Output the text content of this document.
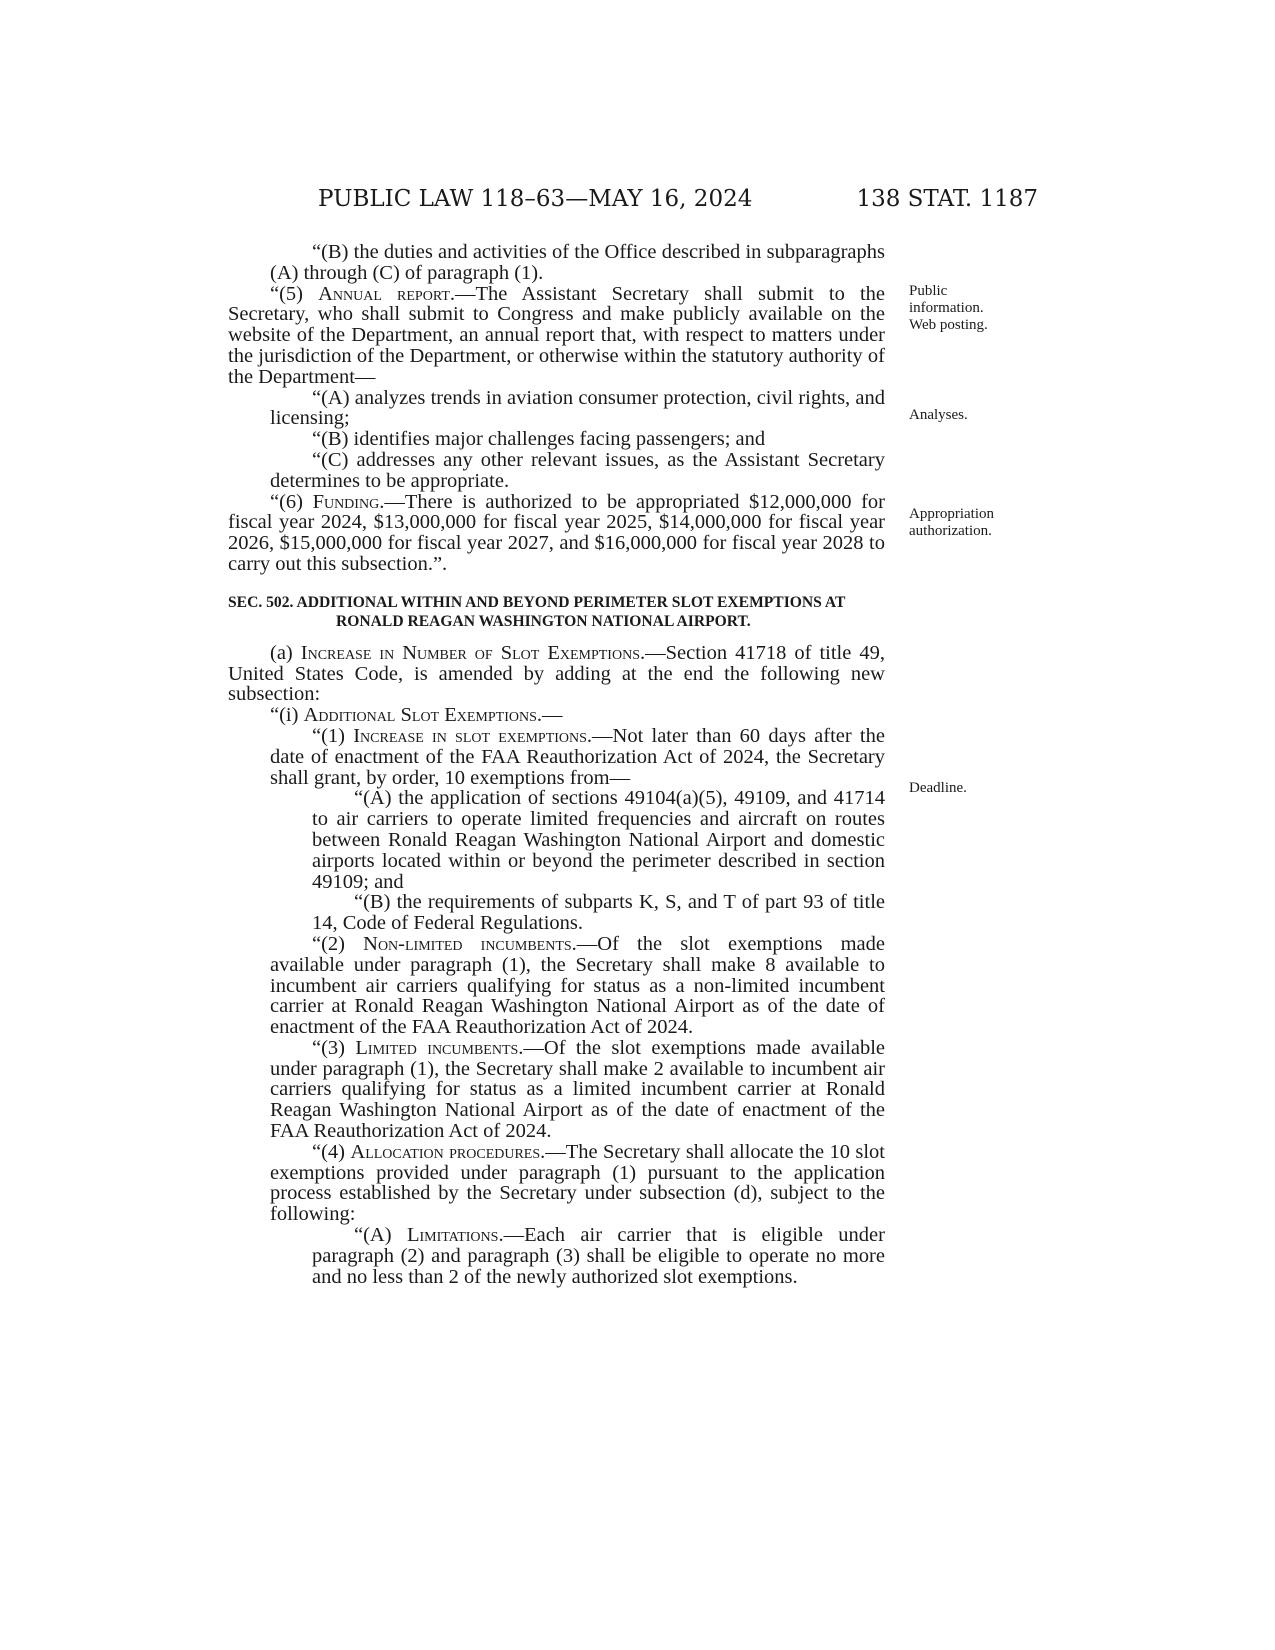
PUBLIC LAW 118–63—MAY 16, 2024	138 STAT. 1187

“(B) the duties and activities of the Office described in subparagraphs (A) through (C) of paragraph (1).

“(5) Annual report.—The Assistant Secretary shall submit to the Secretary, who shall submit to Congress and make publicly available on the website of the Department, an annual report that, with respect to matters under the jurisdiction of the Department, or otherwise within the statutory authority of the Department—

“(A) analyzes trends in aviation consumer protection, civil rights, and licensing;

“(B) identifies major challenges facing passengers; and

“(C) addresses any other relevant issues, as the Assistant Secretary determines to be appropriate.

“(6) Funding.—There is authorized to be appropriated $12,000,000 for fiscal year 2024, $13,000,000 for fiscal year 2025, $14,000,000 for fiscal year 2026, $15,000,000 for fiscal year 2027, and $16,000,000 for fiscal year 2028 to carry out this subsection.”.

SEC. 502. ADDITIONAL WITHIN AND BEYOND PERIMETER SLOT EXEMPTIONS AT RONALD REAGAN WASHINGTON NATIONAL AIRPORT.

(a) Increase in Number of Slot Exemptions.—Section 41718 of title 49, United States Code, is amended by adding at the end the following new subsection:

“(i) Additional Slot Exemptions.—

“(1) Increase in slot exemptions.—Not later than 60 days after the date of enactment of the FAA Reauthorization Act of 2024, the Secretary shall grant, by order, 10 exemptions from—

“(A) the application of sections 49104(a)(5), 49109, and 41714 to air carriers to operate limited frequencies and aircraft on routes between Ronald Reagan Washington National Airport and domestic airports located within or beyond the perimeter described in section 49109; and

“(B) the requirements of subparts K, S, and T of part 93 of title 14, Code of Federal Regulations.

“(2) Non-limited incumbents.—Of the slot exemptions made available under paragraph (1), the Secretary shall make 8 available to incumbent air carriers qualifying for status as a non-limited incumbent carrier at Ronald Reagan Washington National Airport as of the date of enactment of the FAA Reauthorization Act of 2024.

“(3) Limited incumbents.—Of the slot exemptions made available under paragraph (1), the Secretary shall make 2 available to incumbent air carriers qualifying for status as a limited incumbent carrier at Ronald Reagan Washington National Airport as of the date of enactment of the FAA Reauthorization Act of 2024.

“(4) Allocation procedures.—The Secretary shall allocate the 10 slot exemptions provided under paragraph (1) pursuant to the application process established by the Secretary under subsection (d), subject to the following:

“(A) Limitations.—Each air carrier that is eligible under paragraph (2) and paragraph (3) shall be eligible to operate no more and no less than 2 of the newly authorized slot exemptions.

Public
information.
Web posting.
Analyses.
Appropriation
authorization.
Deadline.
